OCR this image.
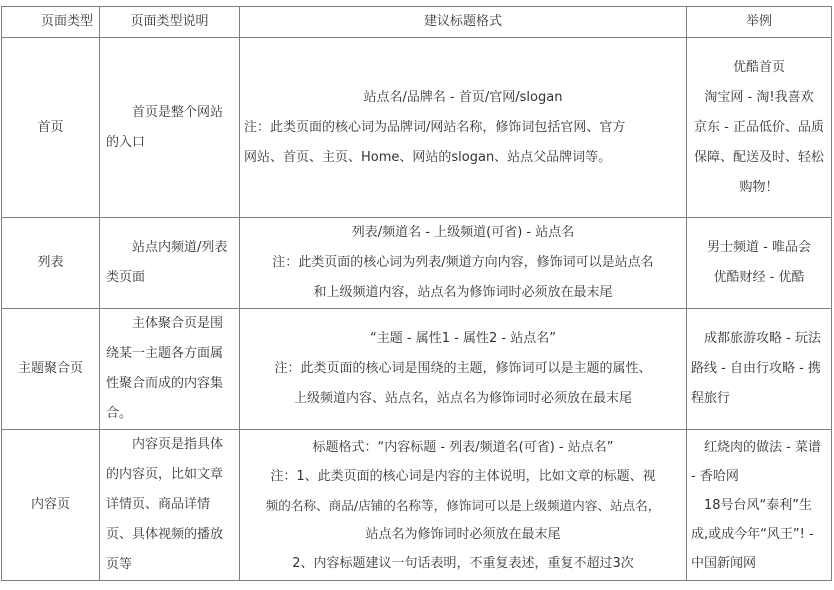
页面类型	页面类型说明	建议标题格式	举例
首页	首页是整个网站的入口	站点名/品牌名 - 首页/官网/slogan
注：此类页面的核心词为品牌词/网站名称，修饰词包括官网、官方
网站、首页、主页、Home、网站的slogan、站点父品牌词等。	优酷首页
淘宝网 - 淘!我喜欢
京东 - 正品低价、品质保障、配送及时、轻松购物！

列表	站点内频道/列表类页面	列表/频道名 - 上级频道(可省) - 站点名
注：此类页面的核心词为列表/频道方向内容，修饰词可以是站点名
和上级频道内容，站点名为修饰词时必须放在最末尾	男士频道 - 唯品会
优酷财经 - 优酷

主题聚合页	主体聚合页是围绕某一主题各方面属性聚合而成的内容集合。	“主题 - 属性1 - 属性2 - 站点名”
注：此类页面的核心词是围绕的主题，修饰词可以是主题的属性、
上级频道内容、站点名，站点名为修饰词时必须放在最末尾	成都旅游攻略 - 玩法路线 - 自由行攻略 - 携程旅行

内容页	内容页是指具体的内容页，比如文章详情页、商品详情页、具体视频的播放页等	标题格式：“内容标题 - 列表/频道名(可省) - 站点名”
注：1、此类页面的核心词是内容的主体说明，比如文章的标题、视
频的名称、商品/店铺的名称等，修饰词可以是上级频道内容、站点名，
站点名为修饰词时必须放在最末尾
2、内容标题建议一句话表明，不重复表述，重复不超过3次	红烧肉的做法 - 菜谱 - 香哈网
18号台风“泰利”生成,或成今年“风王”! - 中国新闻网
